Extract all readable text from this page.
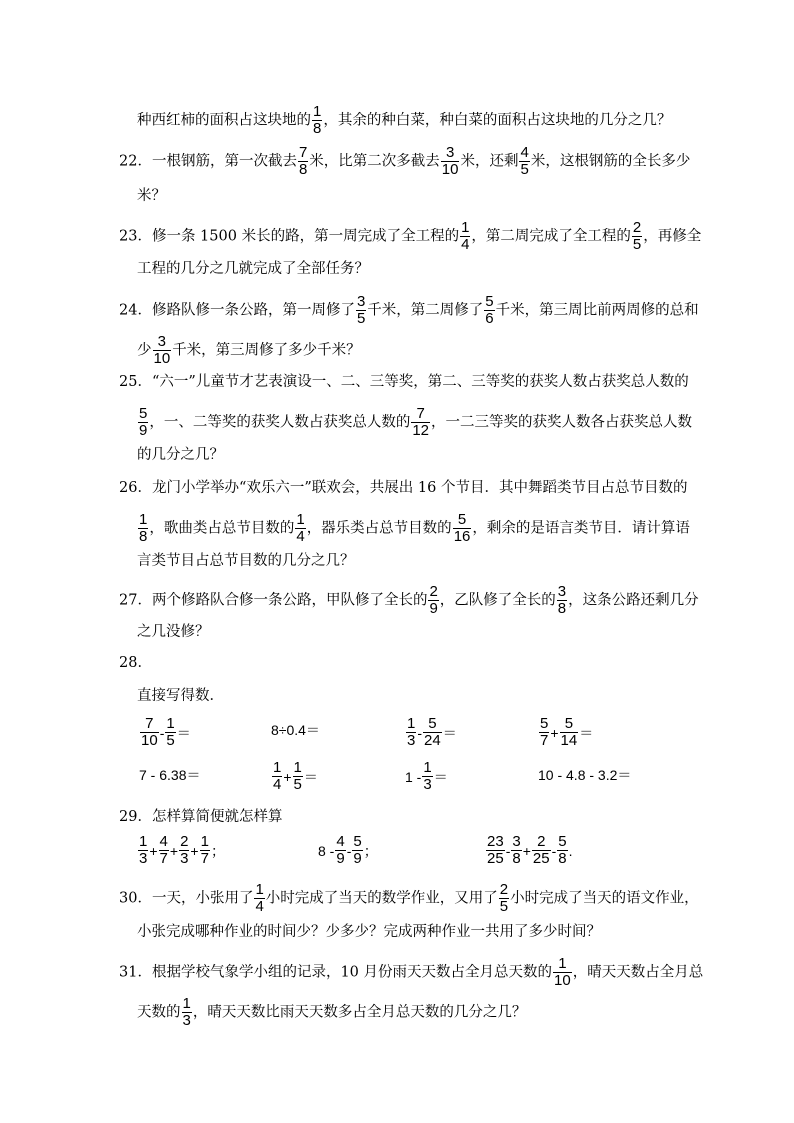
种西红柿的面积占这块地的 $\frac{1}{8}$ ，其余的种白菜，种白菜的面积占这块地的几分之几？
22．一根钢筋，第一次截去 $\frac{7}{8}$ 米，比第二次多截去 $\frac{3}{10}$ 米，还剩 $\frac{4}{5}$ 米，这根钢筋的全长多少
米？
23．修一条 1500 米长的路，第一周完成了全工程的 $\frac{1}{4}$ ，第二周完成了全工程的 $\frac{2}{5}$ ，再修全
工程的几分之几就完成了全部任务？
24．修路队修一条公路，第一周修了 $\frac{3}{5}$ 千米，第二周修了 $\frac{5}{6}$ 千米，第三周比前两周修的总和
少 $\frac{3}{10}$ 千米，第三周修了多少千米？
25．“六一”儿童节才艺表演设一、二、三等奖，第二、三等奖的获奖人数占获奖总人数的
$\frac{5}{9}$ ，一、二等奖的获奖人数占获奖总人数的 $\frac{7}{12}$ ，一二三等奖的获奖人数各占获奖总人数
的几分之几？
26．龙门小学举办“欢乐六一”联欢会，共展出 16 个节目．其中舞蹈类节目占总节目数的
$\frac{1}{8}$ ，歌曲类占总节目数的 $\frac{1}{4}$ ，器乐类占总节目数的 $\frac{5}{16}$ ，剩余的是语言类节目．请计算语
言类节目占总节目数的几分之几？
27．两个修路队合修一条公路，甲队修了全长的 $\frac{2}{9}$ ，乙队修了全长的 $\frac{3}{8}$ ，这条公路还剩几分
之几没修？
28．
直接写得数．
$\frac{7}{10} - \frac{1}{5}$ ＝	8÷0.4＝	$\frac{1}{3} - \frac{5}{24}$ ＝	$\frac{5}{7} + \frac{5}{14}$ ＝
7 - 6.38＝	$\frac{1}{4} + \frac{1}{5}$ ＝	$1 - \frac{1}{3}$ ＝	10 - 4.8 - 3.2＝
29．怎样算简便就怎样算
$\frac{1}{3} + \frac{4}{7} + \frac{2}{3} + \frac{1}{7}$ ；	$8 - \frac{4}{9} - \frac{5}{9}$ ；	$\frac{23}{25} - \frac{3}{8} + \frac{2}{25} - \frac{5}{8}$ .
30．一天，小张用了 $\frac{1}{4}$ 小时完成了当天的数学作业，又用了 $\frac{2}{5}$ 小时完成了当天的语文作业，
小张完成哪种作业的时间少？少多少？完成两种作业一共用了多少时间？
31．根据学校气象学小组的记录，10 月份雨天天数占全月总天数的 $\frac{1}{10}$ ，晴天天数占全月总
天数的 $\frac{1}{3}$ ，晴天天数比雨天天数多占全月总天数的几分之几？
